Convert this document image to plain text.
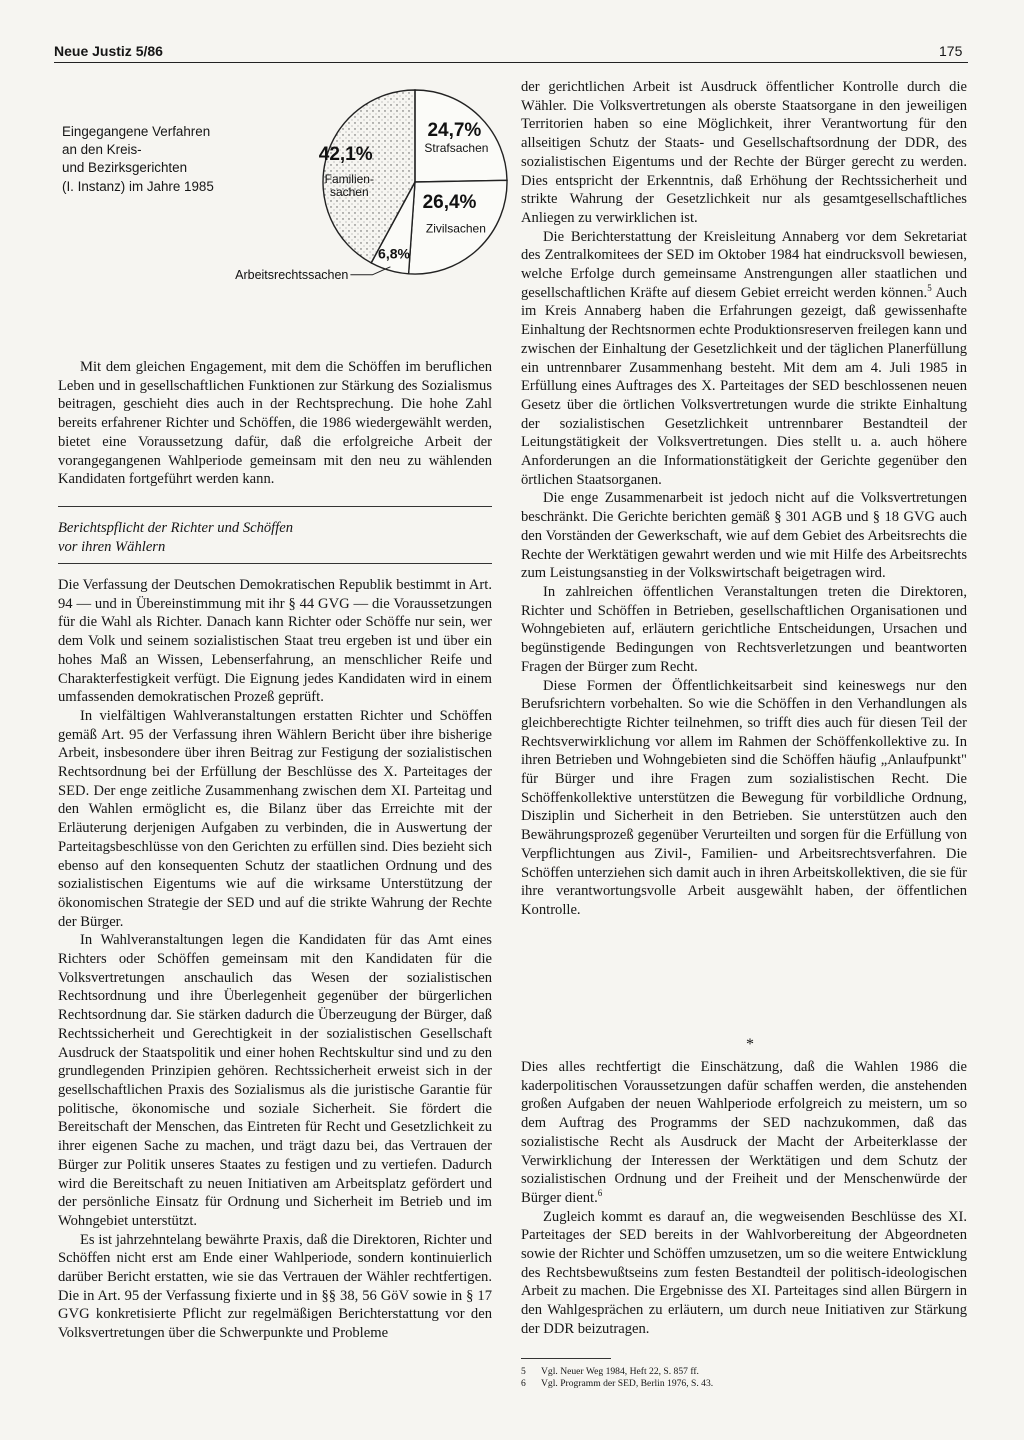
Neue Justiz 5/86	175
Eingegangene Verfahren
an den Kreis-
und Bezirksgerichten
(I. Instanz) im Jahre 1985
24,7%
Strafsachen
26,4%
Zivilsachen
6,8%
Arbeitsrechtssachen
42,1%
Familien-
sachen

Mit dem gleichen Engagement, mit dem die Schöffen im beruflichen Leben und in gesellschaftlichen Funktionen zur Stärkung des Sozialismus beitragen, geschieht dies auch in der Rechtsprechung. Die hohe Zahl bereits erfahrener Richter und Schöffen, die 1986 wiedergewählt werden, bietet eine Voraussetzung dafür, daß die erfolgreiche Arbeit der vorangegangenen Wahlperiode gemeinsam mit den neu zu wählenden Kandidaten fortgeführt werden kann.

Berichtspflicht der Richter und Schöffen
vor ihren Wählern

Die Verfassung der Deutschen Demokratischen Republik bestimmt in Art. 94 — und in Übereinstimmung mit ihr § 44 GVG — die Voraussetzungen für die Wahl als Richter. Danach kann Richter oder Schöffe nur sein, wer dem Volk und seinem sozialistischen Staat treu ergeben ist und über ein hohes Maß an Wissen, Lebenserfahrung, an menschlicher Reife und Charakterfestigkeit verfügt. Die Eignung jedes Kandidaten wird in einem umfassenden demokratischen Prozeß geprüft.

In vielfältigen Wahlveranstaltungen erstatten Richter und Schöffen gemäß Art. 95 der Verfassung ihren Wählern Bericht über ihre bisherige Arbeit, insbesondere über ihren Beitrag zur Festigung der sozialistischen Rechtsordnung bei der Erfüllung der Beschlüsse des X. Parteitages der SED. Der enge zeitliche Zusammenhang zwischen dem XI. Parteitag und den Wahlen ermöglicht es, die Bilanz über das Erreichte mit der Erläuterung derjenigen Aufgaben zu verbinden, die in Auswertung der Parteitagsbeschlüsse von den Gerichten zu erfüllen sind. Dies bezieht sich ebenso auf den konsequenten Schutz der staatlichen Ordnung und des sozialistischen Eigentums wie auf die wirksame Unterstützung der ökonomischen Strategie der SED und auf die strikte Wahrung der Rechte der Bürger.

In Wahlveranstaltungen legen die Kandidaten für das Amt eines Richters oder Schöffen gemeinsam mit den Kandidaten für die Volksvertretungen anschaulich das Wesen der sozialistischen Rechtsordnung und ihre Überlegenheit gegenüber der bürgerlichen Rechtsordnung dar. Sie stärken dadurch die Überzeugung der Bürger, daß Rechtssicherheit und Gerechtigkeit in der sozialistischen Gesellschaft Ausdruck der Staatspolitik und einer hohen Rechtskultur sind und zu den grundlegenden Prinzipien gehören. Rechtssicherheit erweist sich in der gesellschaftlichen Praxis des Sozialismus als die juristische Garantie für politische, ökonomische und soziale Sicherheit. Sie fördert die Bereitschaft der Menschen, das Eintreten für Recht und Gesetzlichkeit zu ihrer eigenen Sache zu machen, und trägt dazu bei, das Vertrauen der Bürger zur Politik unseres Staates zu festigen und zu vertiefen. Dadurch wird die Bereitschaft zu neuen Initiativen am Arbeitsplatz gefördert und der persönliche Einsatz für Ordnung und Sicherheit im Betrieb und im Wohngebiet unterstützt.

Es ist jahrzehntelang bewährte Praxis, daß die Direktoren, Richter und Schöffen nicht erst am Ende einer Wahlperiode, sondern kontinuierlich darüber Bericht erstatten, wie sie das Vertrauen der Wähler rechtfertigen. Die in Art. 95 der Verfassung fixierte und in §§ 38, 56 GöV sowie in § 17 GVG konkretisierte Pflicht zur regelmäßigen Berichterstattung vor den Volksvertretungen über die Schwerpunkte und Probleme

der gerichtlichen Arbeit ist Ausdruck öffentlicher Kontrolle durch die Wähler. Die Volksvertretungen als oberste Staatsorgane in den jeweiligen Territorien haben so eine Möglichkeit, ihrer Verantwortung für den allseitigen Schutz der Staats- und Gesellschaftsordnung der DDR, des sozialistischen Eigentums und der Rechte der Bürger gerecht zu werden. Dies entspricht der Erkenntnis, daß Erhöhung der Rechtssicherheit und strikte Wahrung der Gesetzlichkeit nur als gesamtgesellschaftliches Anliegen zu verwirklichen ist.

Die Berichterstattung der Kreisleitung Annaberg vor dem Sekretariat des Zentralkomitees der SED im Oktober 1984 hat eindrucksvoll bewiesen, welche Erfolge durch gemeinsame Anstrengungen aller staatlichen und gesellschaftlichen Kräfte auf diesem Gebiet erreicht werden können.$^5$ Auch im Kreis Annaberg haben die Erfahrungen gezeigt, daß gewissenhafte Einhaltung der Rechtsnormen echte Produktionsreserven freilegen kann und zwischen der Einhaltung der Gesetzlichkeit und der täglichen Planerfüllung ein untrennbarer Zusammenhang besteht. Mit dem am 4. Juli 1985 in Erfüllung eines Auftrages des X. Parteitages der SED beschlossenen neuen Gesetz über die örtlichen Volksvertretungen wurde die strikte Einhaltung der sozialistischen Gesetzlichkeit untrennbarer Bestandteil der Leitungstätigkeit der Volksvertretungen. Dies stellt u. a. auch höhere Anforderungen an die Informationstätigkeit der Gerichte gegenüber den örtlichen Staatsorganen.

Die enge Zusammenarbeit ist jedoch nicht auf die Volksvertretungen beschränkt. Die Gerichte berichten gemäß § 301 AGB und § 18 GVG auch den Vorständen der Gewerkschaft, wie auf dem Gebiet des Arbeitsrechts die Rechte der Werktätigen gewahrt werden und wie mit Hilfe des Arbeitsrechts zum Leistungsanstieg in der Volkswirtschaft beigetragen wird.

In zahlreichen öffentlichen Veranstaltungen treten die Direktoren, Richter und Schöffen in Betrieben, gesellschaftlichen Organisationen und Wohngebieten auf, erläutern gerichtliche Entscheidungen, Ursachen und begünstigende Bedingungen von Rechtsverletzungen und beantworten Fragen der Bürger zum Recht.

Diese Formen der Öffentlichkeitsarbeit sind keineswegs nur den Berufsrichtern vorbehalten. So wie die Schöffen in den Verhandlungen als gleichberechtigte Richter teilnehmen, so trifft dies auch für diesen Teil der Rechtsverwirklichung vor allem im Rahmen der Schöffenkollektive zu. In ihren Betrieben und Wohngebieten sind die Schöffen häufig „Anlaufpunkt" für Bürger und ihre Fragen zum sozialistischen Recht. Die Schöffenkollektive unterstützen die Bewegung für vorbildliche Ordnung, Disziplin und Sicherheit in den Betrieben. Sie unterstützen auch den Bewährungsprozeß gegenüber Verurteilten und sorgen für die Erfüllung von Verpflichtungen aus Zivil-, Familien- und Arbeitsrechtsverfahren. Die Schöffen unterziehen sich damit auch in ihren Arbeitskollektiven, die sie für ihre verantwortungsvolle Arbeit ausgewählt haben, der öffentlichen Kontrolle.

*

Dies alles rechtfertigt die Einschätzung, daß die Wahlen 1986 die kaderpolitischen Voraussetzungen dafür schaffen werden, die anstehenden großen Aufgaben der neuen Wahlperiode erfolgreich zu meistern, um so dem Auftrag des Programms der SED nachzukommen, daß das sozialistische Recht als Ausdruck der Macht der Arbeiterklasse der Verwirklichung der Interessen der Werktätigen und dem Schutz der sozialistischen Ordnung und der Freiheit und der Menschenwürde der Bürger dient.$^6$

Zugleich kommt es darauf an, die wegweisenden Beschlüsse des XI. Parteitages der SED bereits in der Wahlvorbereitung der Abgeordneten sowie der Richter und Schöffen umzusetzen, um so die weitere Entwicklung des Rechtsbewußtseins zum festen Bestandteil der politisch-ideologischen Arbeit zu machen. Die Ergebnisse des XI. Parteitages sind allen Bürgern in den Wahlgesprächen zu erläutern, um durch neue Initiativen zur Stärkung der DDR beizutragen.

5 Vgl. Neuer Weg 1984, Heft 22, S. 857 ff.
6 Vgl. Programm der SED, Berlin 1976, S. 43.
